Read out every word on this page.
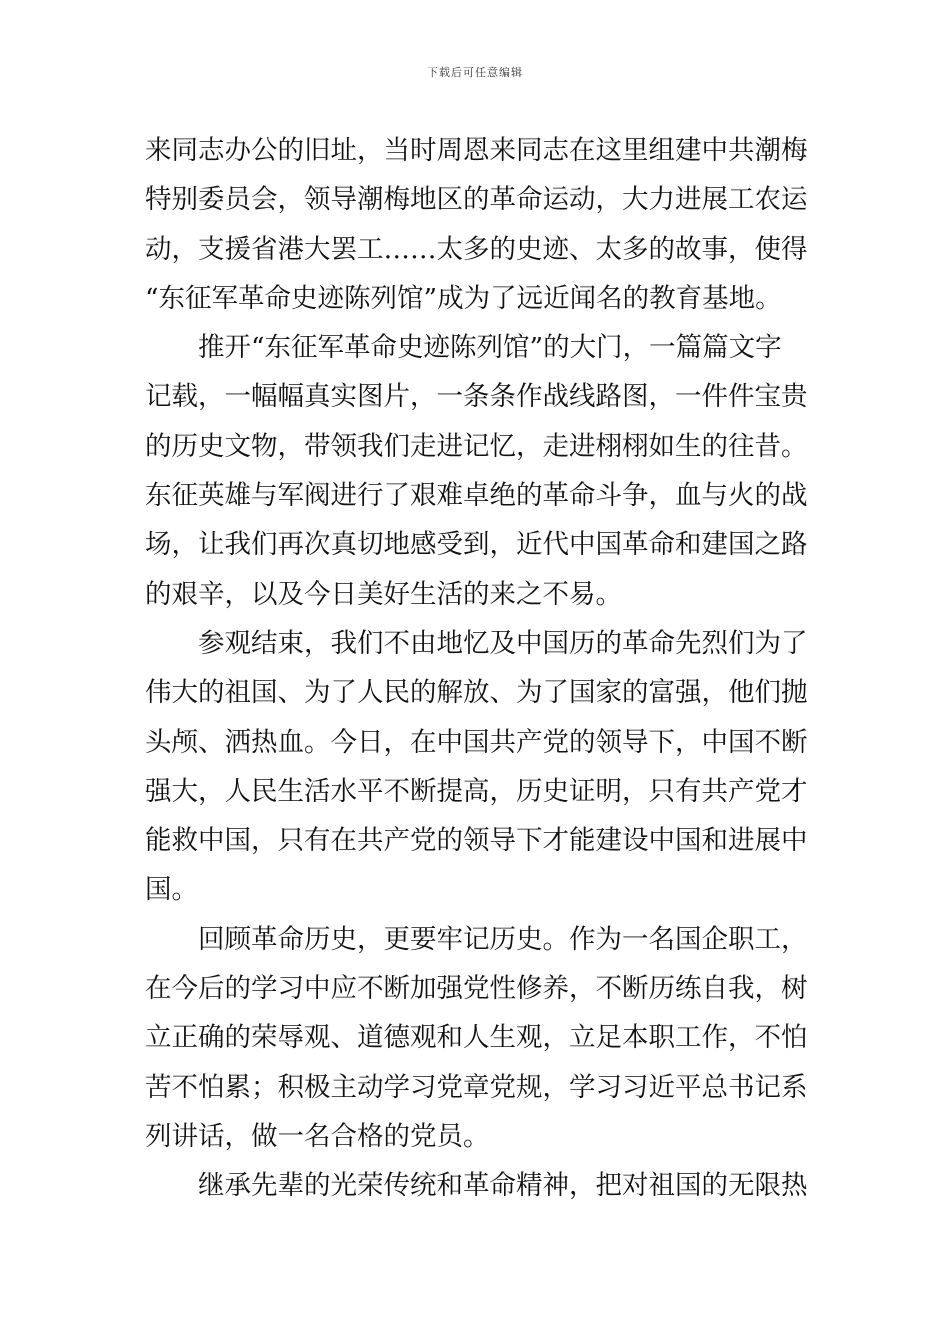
下载后可任意编辑
来同志办公的旧址，当时周恩来同志在这里组建中共潮梅
特别委员会，领导潮梅地区的革命运动，大力进展工农运
动，支援省港大罢工……太多的史迹、太多的故事，使得
“东征军革命史迹陈列馆”成为了远近闻名的教育基地。
推开“东征军革命史迹陈列馆”的大门，一篇篇文字
记载，一幅幅真实图片，一条条作战线路图，一件件宝贵
的历史文物，带领我们走进记忆，走进栩栩如生的往昔。
东征英雄与军阀进行了艰难卓绝的革命斗争，血与火的战
场，让我们再次真切地感受到，近代中国革命和建国之路
的艰辛，以及今日美好生活的来之不易。
参观结束，我们不由地忆及中国历的革命先烈们为了
伟大的祖国、为了人民的解放、为了国家的富强，他们抛
头颅、洒热血。今日，在中国共产党的领导下，中国不断
强大，人民生活水平不断提高，历史证明，只有共产党才
能救中国，只有在共产党的领导下才能建设中国和进展中
国。
回顾革命历史，更要牢记历史。作为一名国企职工，
在今后的学习中应不断加强党性修养，不断历练自我，树
立正确的荣辱观、道德观和人生观，立足本职工作，不怕
苦不怕累；积极主动学习党章党规，学习习近平总书记系
列讲话，做一名合格的党员。
继承先辈的光荣传统和革命精神，把对祖国的无限热
